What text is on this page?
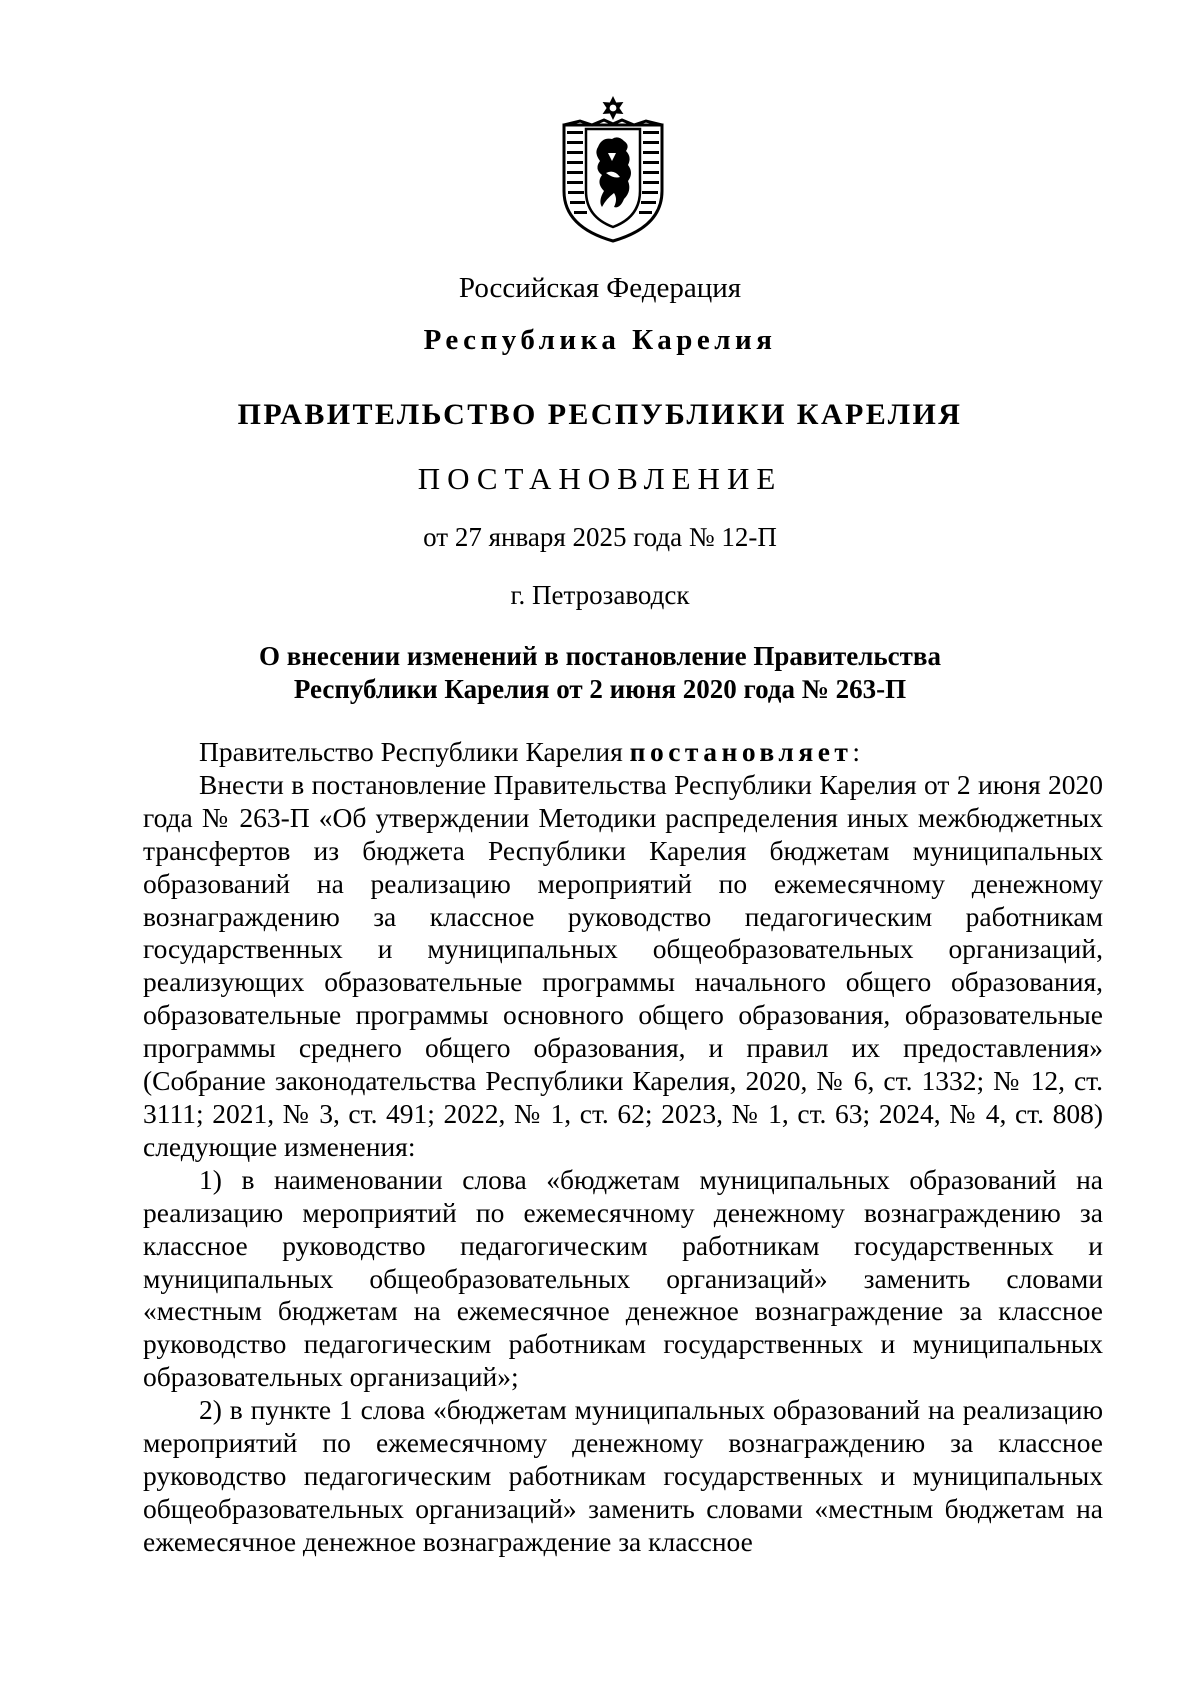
Российская Федерация
Республика Карелия
ПРАВИТЕЛЬСТВО РЕСПУБЛИКИ КАРЕЛИЯ
ПОСТАНОВЛЕНИЕ
от 27 января 2025 года № 12-П
г. Петрозаводск
О внесении изменений в постановление Правительства
Республики Карелия от 2 июня 2020 года № 263-П

Правительство Республики Карелия постановляет:

Внести в постановление Правительства Республики Карелия от 2 июня 2020 года № 263-П «Об утверждении Методики распределения иных межбюджетных трансфертов из бюджета Республики Карелия бюджетам муниципальных образований на реализацию мероприятий по ежемесячному денежному вознаграждению за классное руководство педагогическим работникам государственных и муниципальных общеобразовательных организаций, реализующих образовательные программы начального общего образования, образовательные программы основного общего образования, образовательные программы среднего общего образования, и правил их предоставления» (Собрание законодательства Республики Карелия, 2020, № 6, ст. 1332; № 12, ст. 3111; 2021, № 3, ст. 491; 2022, № 1, ст. 62; 2023, № 1, ст. 63; 2024, № 4, ст. 808) следующие изменения:

1) в наименовании слова «бюджетам муниципальных образований на реализацию мероприятий по ежемесячному денежному вознаграждению за классное руководство педагогическим работникам государственных и муниципальных общеобразовательных организаций» заменить словами «местным бюджетам на ежемесячное денежное вознаграждение за классное руководство педагогическим работникам государственных и муниципальных образовательных организаций»;

2) в пункте 1 слова «бюджетам муниципальных образований на реализацию мероприятий по ежемесячному денежному вознаграждению за классное руководство педагогическим работникам государственных и муниципальных общеобразовательных организаций» заменить словами «местным бюджетам на ежемесячное денежное вознаграждение за классное
